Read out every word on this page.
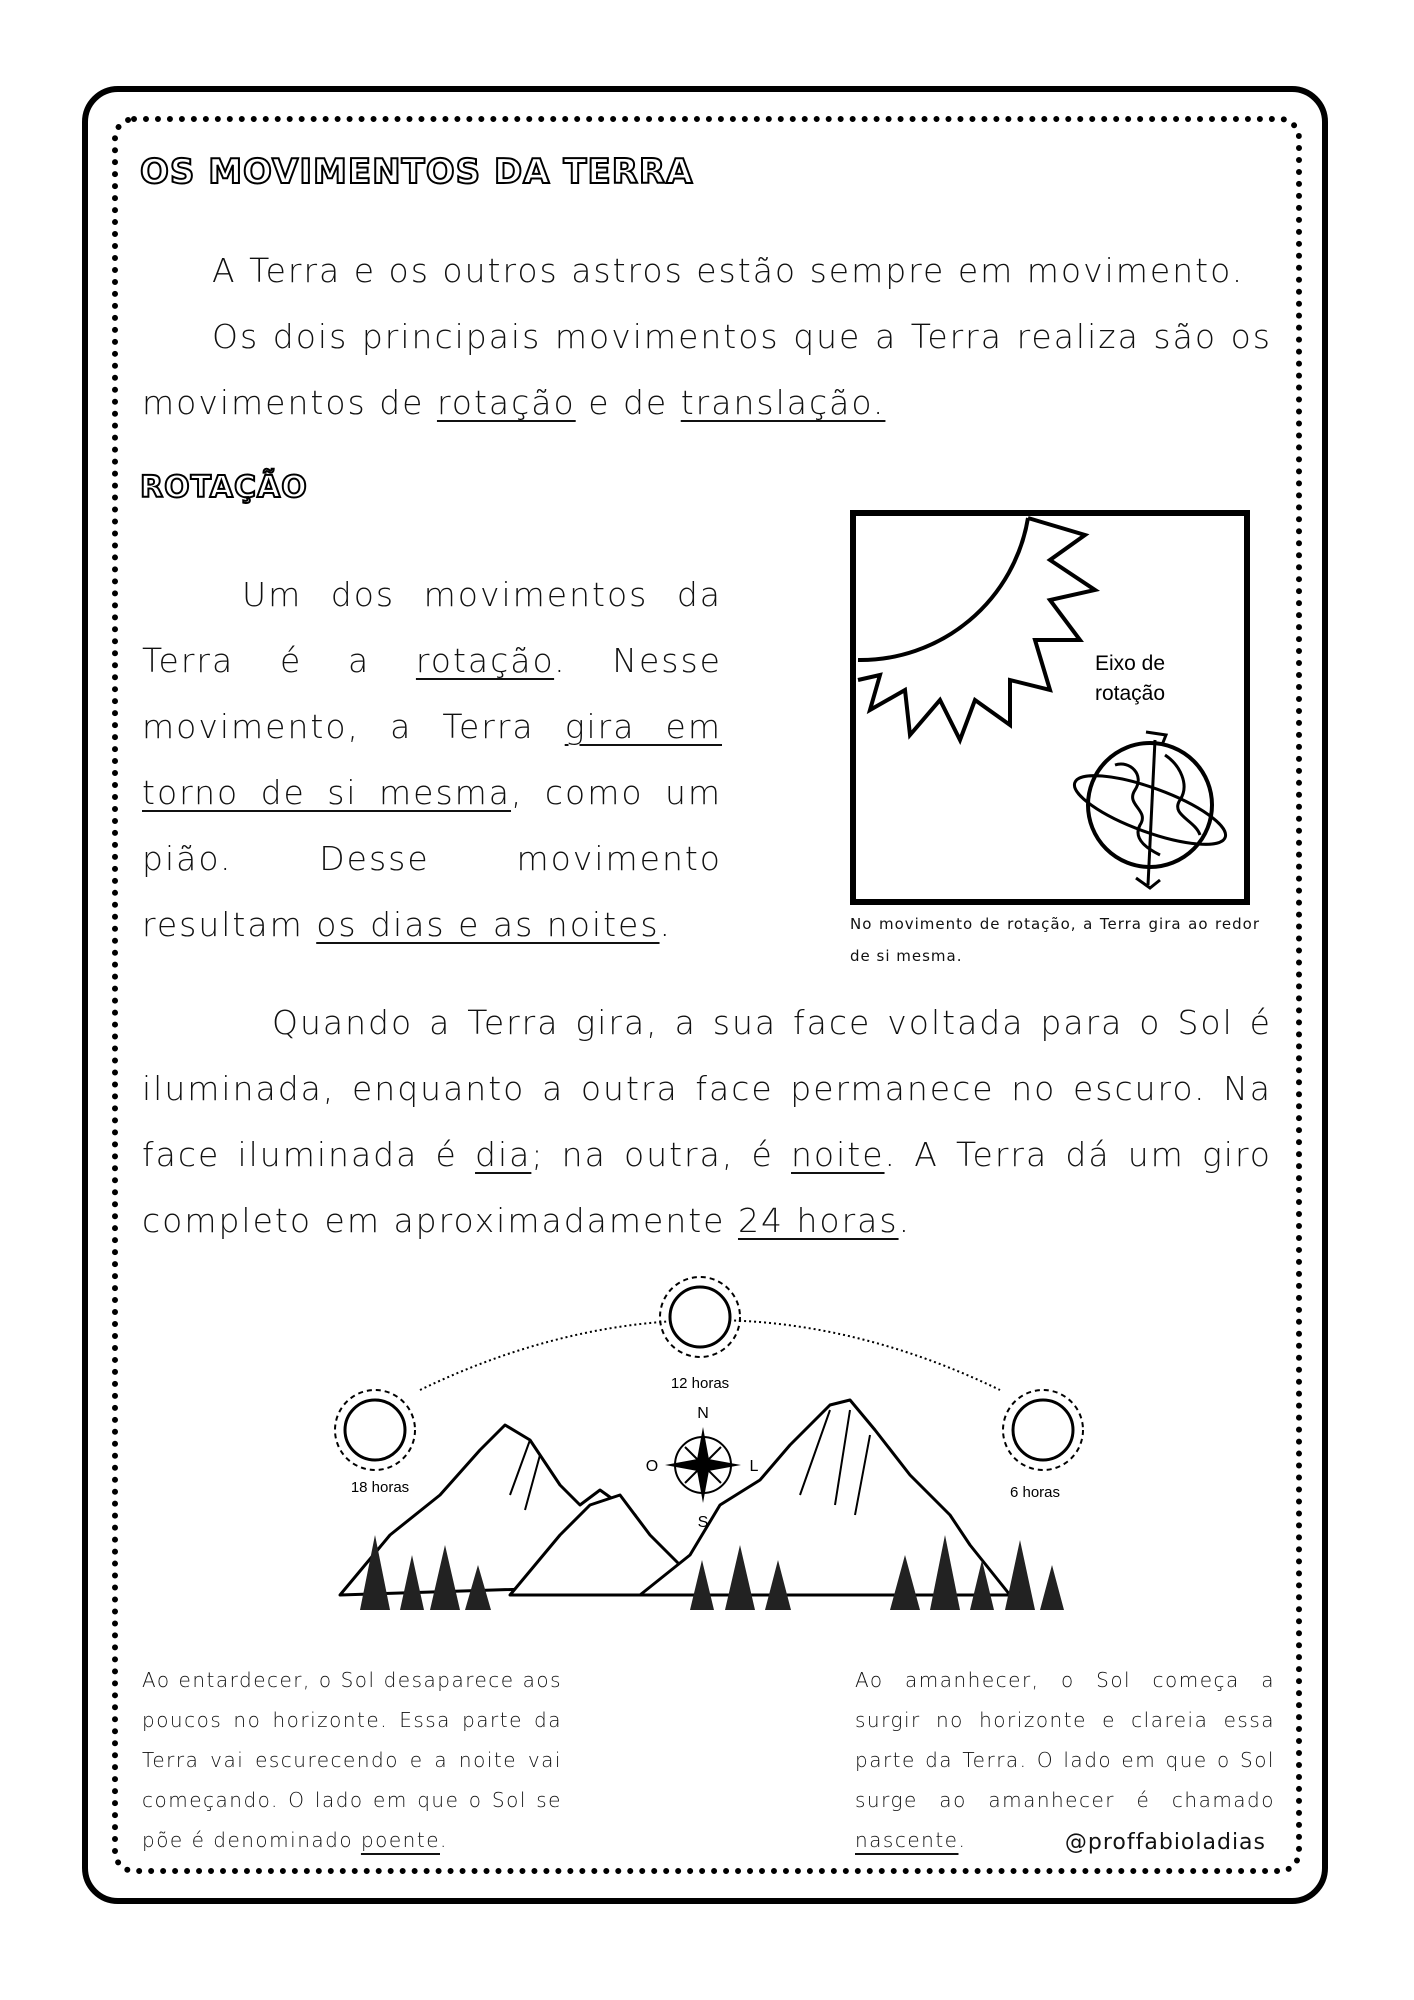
OS MOVIMENTOS DA TERRA
A Terra e os outros astros estão sempre em movimento.
Os dois principais movimentos que a Terra realiza são os movimentos de rotação e de translação.
ROTAÇÃO
Um dos movimentos da Terra é a rotação. Nesse movimento, a Terra gira em torno de si mesma, como um pião. Desse movimento resultam os dias e as noites.
Eixo de
rotação
No movimento de rotação, a Terra gira ao redor de si mesma.
Quando a Terra gira, a sua face voltada para o Sol é iluminada, enquanto a outra face permanece no escuro. Na face iluminada é dia; na outra, é noite. A Terra dá um giro completo em aproximadamente 24 horas.
12 horas
18 horas	6 horas
N
S
O	L
Ao entardecer, o Sol desaparece aos poucos no horizonte. Essa parte da Terra vai escurecendo e a noite vai começando. O lado em que o Sol se põe é denominado poente.
Ao amanhecer, o Sol começa a surgir no horizonte e clareia essa parte da Terra. O lado em que o Sol surge ao amanhecer é chamado nascente.	@proffabioladias
